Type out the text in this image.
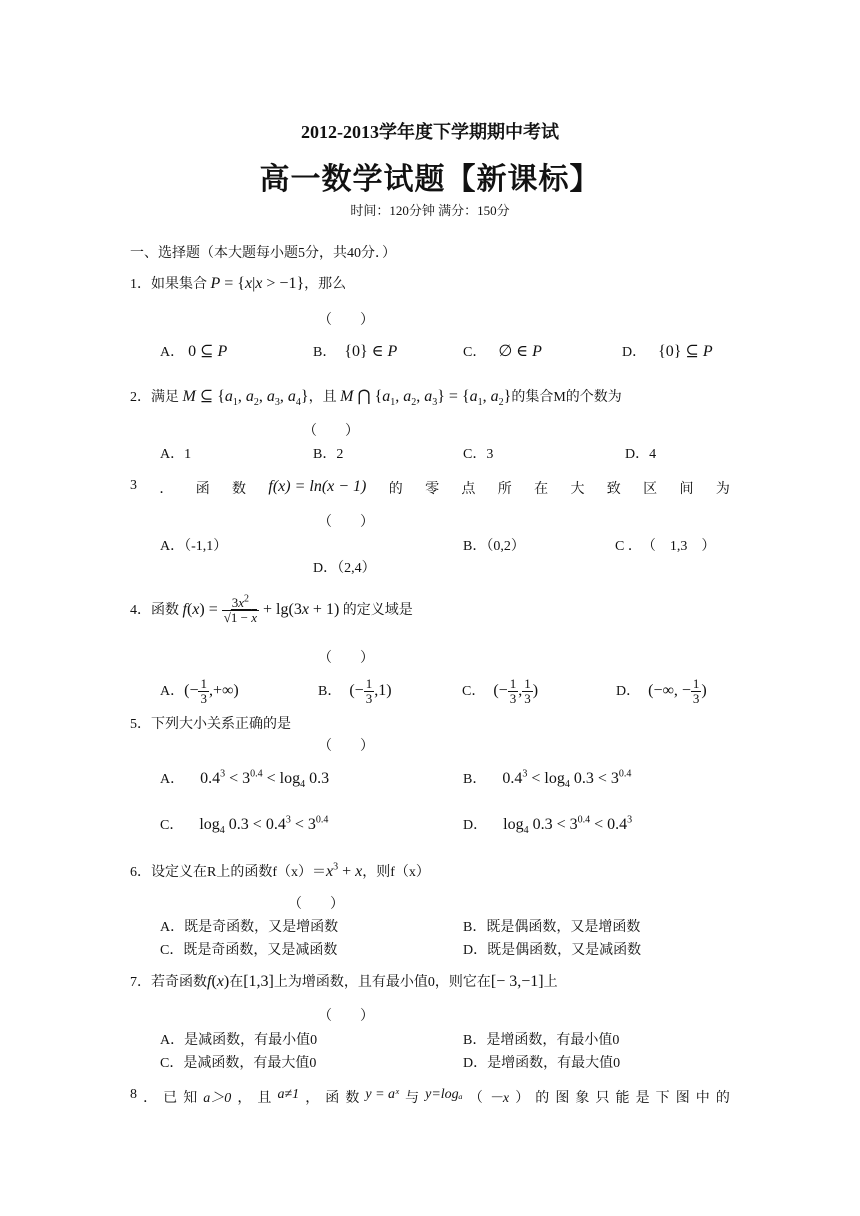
2012-2013学年度下学期期中考试
高一数学试题【新课标】
时间：120分钟 满分：150分
一、选择题（本大题每小题5分，共40分．）
1．如果集合 P = {x|x > −1}，那么
（　　）
A． 0 ⊆ P	B．  {0} ∈ P	C．   ∅ ∈ P	D．   {0} ⊆ P
2．满足 M ⊆ {$a_1$, $a_2$, $a_3$, $a_4$}，且 M ⋂ {$a_1$, $a_2$, $a_3\} = \{a_1$, $a_2$}的集合M的个数为
（　　）
A．1	B．2	C．3	D．4
3 ． 函 数 f(x) = ln(x − 1) 的 零 点 所 在 大 致 区 间 为
（　　）
A．（-1,1）	B．（0,2）	C ．　（　1,3　）
D．（2,4）
4．函数 $f(x) = \frac{3x^2}{√1 - x} + \lg(3x + 1)$ 的定义域是
（　　）
A．(− $\frac{1}{3}$ ,+∞)	B．  (− $\frac{1}{3} ,1$)	C．  (− $\frac{1}{3}$ , $\frac{1}{3}$ )	D．  (−∞, − $\frac{1}{3}$ )
5．下列大小关系正确的是
（　　）
A．    $0.4^3 < 3^{0.4} < \log_4 0.3$	B．    $0.4^3 < \log_4 0.3 < 3^{0.4}$
C．    $\log_4 0.3 < 0.4^3 < 3^{0.4}$	D．    $\log_4 0.3 < 3^{0.4} < 0.4^3$
6．设定义在R上的函数$f(x)=x^3 + x$，则f（x）
（　　）
A．既是奇函数，又是增函数	B．既是偶函数，又是增函数
C．既是奇函数，又是减函数	D．既是偶函数，又是减函数
7．若奇函数f(x)在[1,3]上为增函数，且有最小值0，则它在[− 3,−1]上
（　　）
A．是减函数，有最小值0	B．是增函数，有最小值0
C．是减函数，有最大值0	D．是增函数，有最大值0
8 ． 已 知 a＞0 ， 且 a≠1 ， 函 数 y = aˣ 与 y=logₐ （ －x ） 的 图 象 只 能 是 下 图 中 的
